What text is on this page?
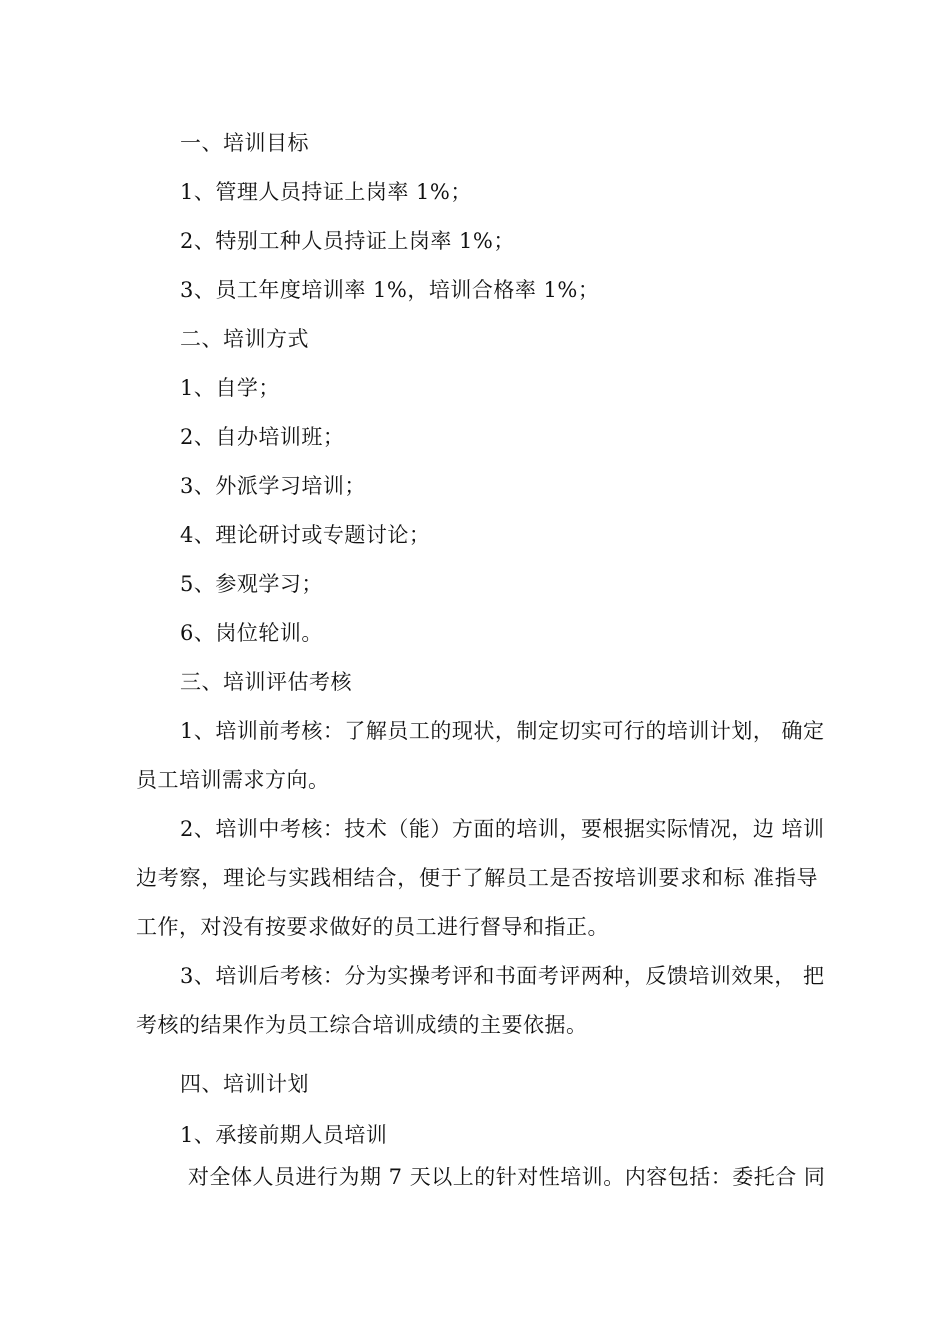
一、培训目标
1、管理人员持证上岗率 1%；
2、特别工种人员持证上岗率 1%；
3、员工年度培训率 1%，培训合格率 1%；
二、培训方式
1、自学；
2、自办培训班；
3、外派学习培训；
4、理论研讨或专题讨论；
5、参观学习；
6、岗位轮训。
三、培训评估考核
1、培训前考核：了解员工的现状，制定切实可行的培训计划， 确定
员工培训需求方向。
2、培训中考核：技术（能）方面的培训，要根据实际情况，边 培训
边考察，理论与实践相结合，便于了解员工是否按培训要求和标 准指导
工作，对没有按要求做好的员工进行督导和指正。
3、培训后考核：分为实操考评和书面考评两种，反馈培训效果， 把
考核的结果作为员工综合培训成绩的主要依据。
四、培训计划
1、承接前期人员培训
对全体人员进行为期 7 天以上的针对性培训。内容包括：委托合 同
